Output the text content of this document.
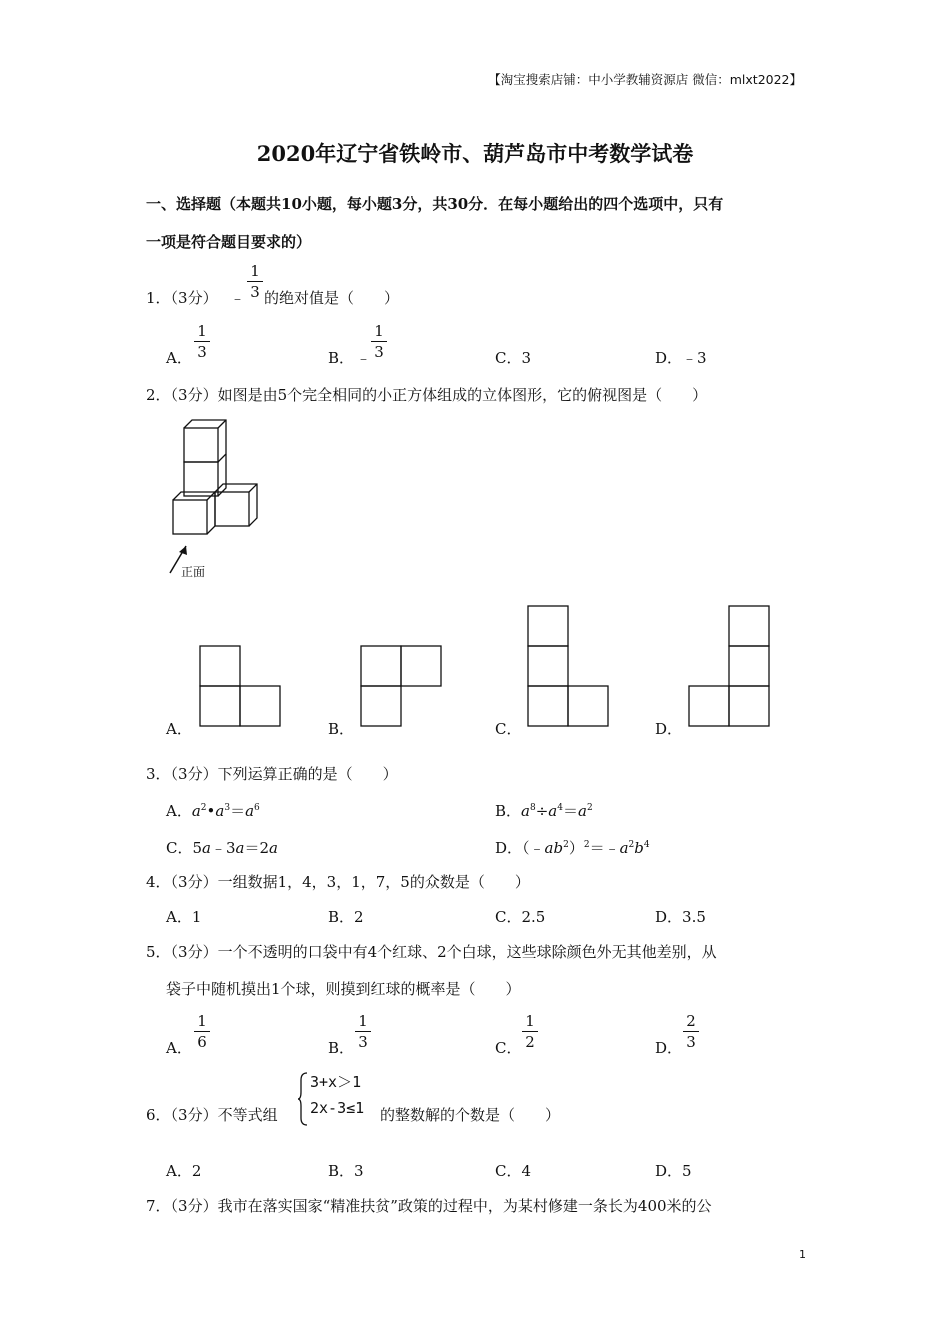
【淘宝搜索店铺：中小学教辅资源店 微信：mlxt2022】
2020年辽宁省铁岭市、葫芦岛市中考数学试卷
一、选择题（本题共10小题，每小题3分，共30分．在每小题给出的四个选项中，只有
一项是符合题目要求的）
1．（3分） ﹣
1
3 的绝对值是（　　）
A．
1
3	B． ﹣
1
3	C．3	D．﹣3
2．（3分）如图是由5个完全相同的小正方体组成的立体图形，它的俯视图是（　　）
正面
A．	B．	C．	D．
3．（3分）下列运算正确的是（　　）
A．$a^2•a^3=a^6$	B．$a^8\div a^4=a^2$
C．5a﹣3a＝2a	D．$(﹣ab^2)^2=﹣a^2b^4$
4．（3分）一组数据1，4，3，1，7，5的众数是（　　）
A．1	B．2	C．2.5	D．3.5
5．（3分）一个不透明的口袋中有4个红球、2个白球，这些球除颜色外无其他差别，从
袋子中随机摸出1个球，则摸到红球的概率是（　　）
A．
1
6	B．
1
3	C．
1
2	D．
2
3
6．（3分）不等式组
3+x＞1
2x-3≤1 的整数解的个数是（　　）
A．2	B．3	C．4	D．5
7．（3分）我市在落实国家“精准扶贫”政策的过程中，为某村修建一条长为400米的公
1
